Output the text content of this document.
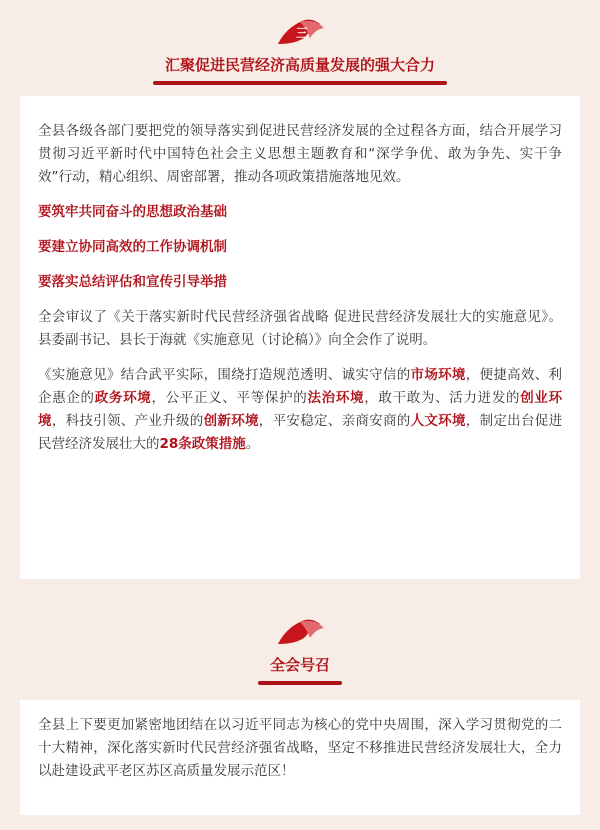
三
汇聚促进民营经济高质量发展的强大合力

全县各级各部门要把党的领导落实到促进民营经济发展的全过程各方面，结合开展学习贯彻习近平新时代中国特色社会主义思想主题教育和“深学争优、敢为争先、实干争效”行动，精心组织、周密部署，推动各项政策措施落地见效。

要筑牢共同奋斗的思想政治基础

要建立协同高效的工作协调机制

要落实总结评估和宣传引导举措

全会审议了《关于落实新时代民营经济强省战略 促进民营经济发展壮大的实施意见》。县委副书记、县长于海就《实施意见（讨论稿）》向全会作了说明。

《实施意见》结合武平实际，围绕打造规范透明、诚实守信的市场环境，便捷高效、利企惠企的政务环境，公平正义、平等保护的法治环境，敢干敢为、活力迸发的创业环境，科技引领、产业升级的创新环境，平安稳定、亲商安商的人文环境，制定出台促进民营经济发展壮大的28条政策措施。

全会号召

全县上下要更加紧密地团结在以习近平同志为核心的党中央周围，深入学习贯彻党的二十大精神，深化落实新时代民营经济强省战略，坚定不移推进民营经济发展壮大，全力以赴建设武平老区苏区高质量发展示范区！
